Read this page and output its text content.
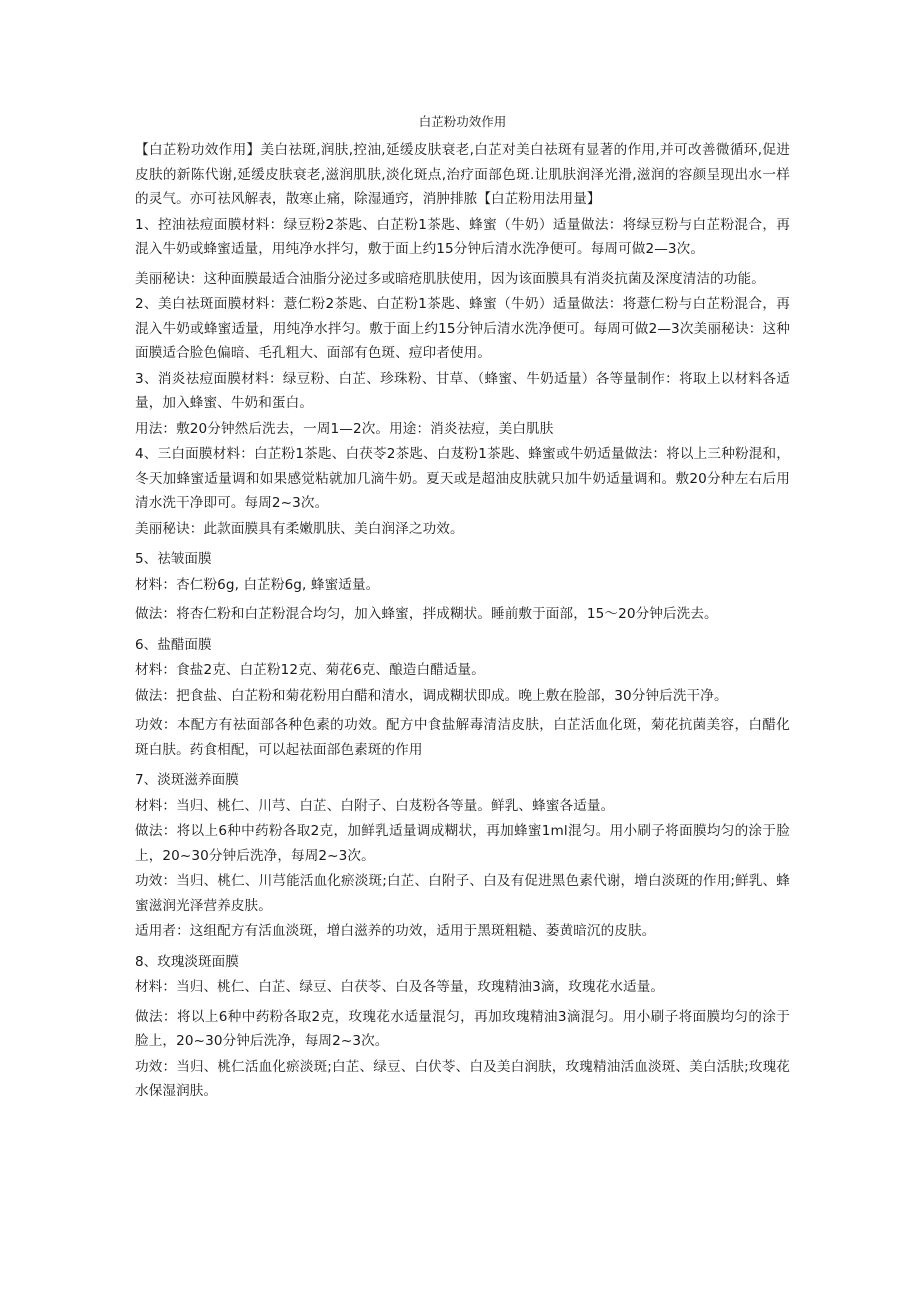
白芷粉功效作用
【白芷粉功效作用】美白祛斑,润肤,控油,延缓皮肤衰老,白芷对美白祛斑有显著的作用,并可改善微循环,促进皮肤的新陈代谢,延缓皮肤衰老,滋润肌肤,淡化斑点,治疗面部色斑.让肌肤润泽光滑,滋润的容颜呈现出水一样的灵气。亦可祛风解表，散寒止痛，除湿通窍，消肿排脓【白芷粉用法用量】
1、控油祛痘面膜材料：绿豆粉2茶匙、白芷粉1茶匙、蜂蜜（牛奶）适量做法：将绿豆粉与白芷粉混合，再混入牛奶或蜂蜜适量，用纯净水拌匀，敷于面上约15分钟后清水洗净便可。每周可做2—3次。
美丽秘诀：这种面膜最适合油脂分泌过多或暗疮肌肤使用，因为该面膜具有消炎抗菌及深度清洁的功能。
2、美白祛斑面膜材料：薏仁粉2茶匙、白芷粉1茶匙、蜂蜜（牛奶）适量做法：将薏仁粉与白芷粉混合，再混入牛奶或蜂蜜适量，用纯净水拌匀。敷于面上约15分钟后清水洗净便可。每周可做2—3次美丽秘诀：这种面膜适合脸色偏暗、毛孔粗大、面部有色斑、痘印者使用。
3、消炎祛痘面膜材料：绿豆粉、白芷、珍珠粉、甘草、（蜂蜜、牛奶适量）各等量制作：将取上以材料各适量，加入蜂蜜、牛奶和蛋白。
用法：敷20分钟然后洗去，一周1—2次。用途：消炎祛痘，美白肌肤
4、三白面膜材料：白芷粉1茶匙、白茯苓2茶匙、白芨粉1茶匙、蜂蜜或牛奶适量做法：将以上三种粉混和，冬天加蜂蜜适量调和如果感觉粘就加几滴牛奶。夏天或是超油皮肤就只加牛奶适量调和。敷20分种左右后用清水洗干净即可。每周2~3次。
美丽秘诀：此款面膜具有柔嫩肌肤、美白润泽之功效。
5、祛皱面膜
材料：杏仁粉6g, 白芷粉6g, 蜂蜜适量。
做法：将杏仁粉和白芷粉混合均匀，加入蜂蜜，拌成糊状。睡前敷于面部，15～20分钟后洗去。
6、盐醋面膜
材料：食盐2克、白芷粉12克、菊花6克、酿造白醋适量。
做法：把食盐、白芷粉和菊花粉用白醋和清水，调成糊状即成。晚上敷在脸部，30分钟后洗干净。
功效：本配方有祛面部各种色素的功效。配方中食盐解毒清洁皮肤，白芷活血化斑，菊花抗菌美容，白醋化斑白肤。药食相配，可以起祛面部色素斑的作用
7、淡斑滋养面膜
材料：当归、桃仁、川芎、白芷、白附子、白芨粉各等量。鲜乳、蜂蜜各适量。
做法：将以上6种中药粉各取2克，加鲜乳适量调成糊状，再加蜂蜜1ml混匀。用小刷子将面膜均匀的涂于脸上，20~30分钟后洗净，每周2~3次。
功效：当归、桃仁、川芎能活血化瘀淡斑;白芷、白附子、白及有促进黑色素代谢，增白淡斑的作用;鲜乳、蜂蜜滋润光泽营养皮肤。
适用者：这组配方有活血淡斑，增白滋养的功效，适用于黑斑粗糙、萎黄暗沉的皮肤。
8、玫瑰淡斑面膜
材料：当归、桃仁、白芷、绿豆、白茯苓、白及各等量，玫瑰精油3滴，玫瑰花水适量。
做法：将以上6种中药粉各取2克，玫瑰花水适量混匀，再加玫瑰精油3滴混匀。用小刷子将面膜均匀的涂于脸上，20~30分钟后洗净，每周2~3次。
功效：当归、桃仁活血化瘀淡斑;白芷、绿豆、白伏苓、白及美白润肤，玫瑰精油活血淡斑、美白活肤;玫瑰花水保湿润肤。
